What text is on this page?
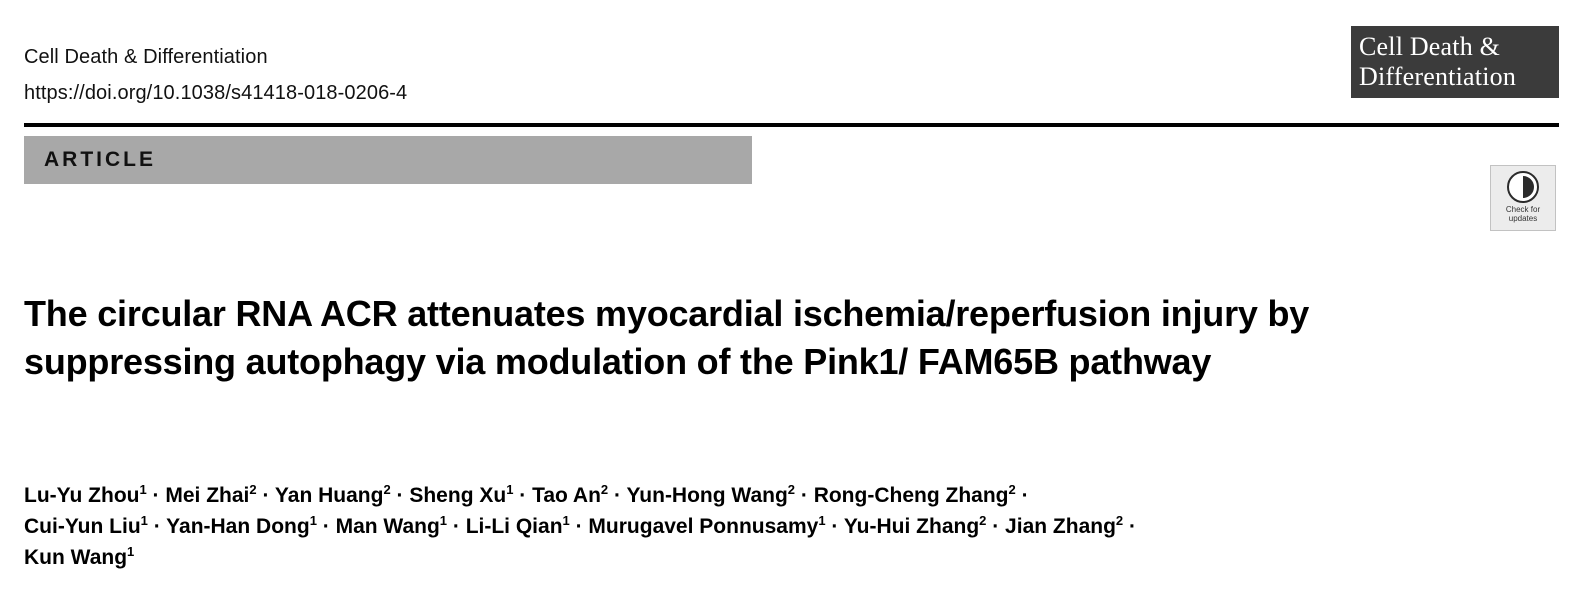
Cell Death & Differentiation
https://doi.org/10.1038/s41418-018-0206-4
Cell Death &
Differentiation
ARTICLE
Check for
updates
The circular RNA ACR attenuates myocardial ischemia/reperfusion injury by suppressing autophagy via modulation of the Pink1/ FAM65B pathway
Lu-Yu Zhou$^1$ · Mei Zhai$^2$ · Yan Huang$^2$ · Sheng $Xu^1$ · Tao $An^2$ · Yun-Hong Wang$^2$ · Rong-Cheng Zhang$^2$ ·
Cui-Yun Liu$^1$ · Yan-Han Dong$^1$ · Man Wang$^1$ · Li-Li Qian$^1$ · Murugavel Ponnusamy$^1$ · Yu-Hui Zhang$^2$ · Jian Zhang$^2$ ·
Kun Wang$^1$
